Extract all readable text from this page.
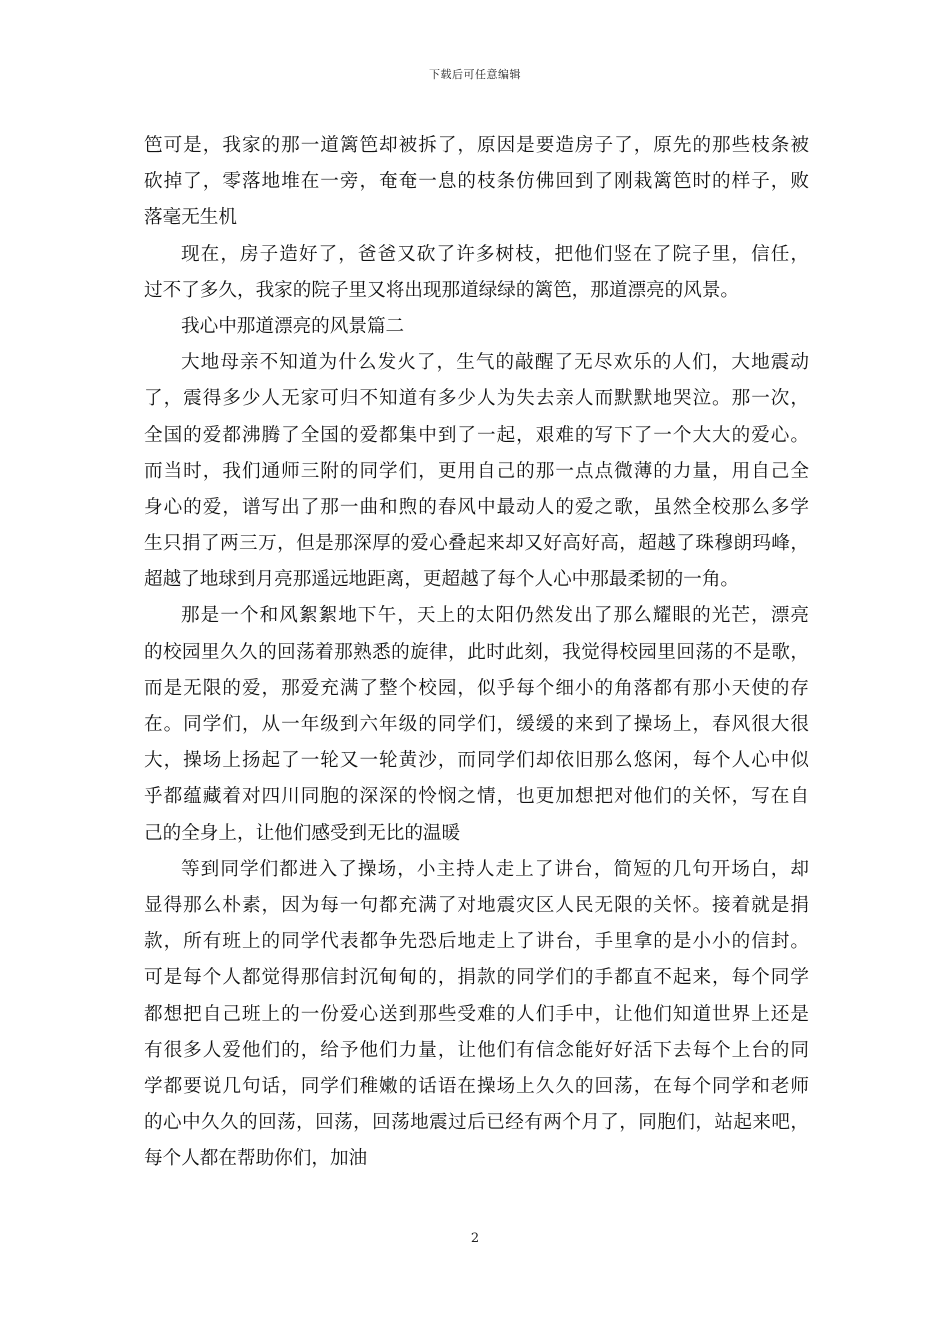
下载后可任意编辑
笆可是，我家的那一道篱笆却被拆了，原因是要造房子了，原先的那些枝条被
砍掉了，零落地堆在一旁，奄奄一息的枝条仿佛回到了刚栽篱笆时的样子，败
落毫无生机
现在，房子造好了，爸爸又砍了许多树枝，把他们竖在了院子里，信任，
过不了多久，我家的院子里又将出现那道绿绿的篱笆，那道漂亮的风景。
我心中那道漂亮的风景篇二
大地母亲不知道为什么发火了，生气的敲醒了无尽欢乐的人们，大地震动
了，震得多少人无家可归不知道有多少人为失去亲人而默默地哭泣。那一次，
全国的爱都沸腾了全国的爱都集中到了一起，艰难的写下了一个大大的爱心。
而当时，我们通师三附的同学们，更用自己的那一点点微薄的力量，用自己全
身心的爱，谱写出了那一曲和煦的春风中最动人的爱之歌，虽然全校那么多学
生只捐了两三万，但是那深厚的爱心叠起来却又好高好高，超越了珠穆朗玛峰，
超越了地球到月亮那遥远地距离，更超越了每个人心中那最柔韧的一角。
那是一个和风絮絮地下午，天上的太阳仍然发出了那么耀眼的光芒，漂亮
的校园里久久的回荡着那熟悉的旋律，此时此刻，我觉得校园里回荡的不是歌，
而是无限的爱，那爱充满了整个校园，似乎每个细小的角落都有那小天使的存
在。同学们，从一年级到六年级的同学们，缓缓的来到了操场上，春风很大很
大，操场上扬起了一轮又一轮黄沙，而同学们却依旧那么悠闲，每个人心中似
乎都蕴藏着对四川同胞的深深的怜悯之情，也更加想把对他们的关怀，写在自
己的全身上，让他们感受到无比的温暖
等到同学们都进入了操场，小主持人走上了讲台，简短的几句开场白，却
显得那么朴素，因为每一句都充满了对地震灾区人民无限的关怀。接着就是捐
款，所有班上的同学代表都争先恐后地走上了讲台，手里拿的是小小的信封。
可是每个人都觉得那信封沉甸甸的，捐款的同学们的手都直不起来，每个同学
都想把自己班上的一份爱心送到那些受难的人们手中，让他们知道世界上还是
有很多人爱他们的，给予他们力量，让他们有信念能好好活下去每个上台的同
学都要说几句话，同学们稚嫩的话语在操场上久久的回荡，在每个同学和老师
的心中久久的回荡，回荡，回荡地震过后已经有两个月了，同胞们，站起来吧，
每个人都在帮助你们，加油
2
